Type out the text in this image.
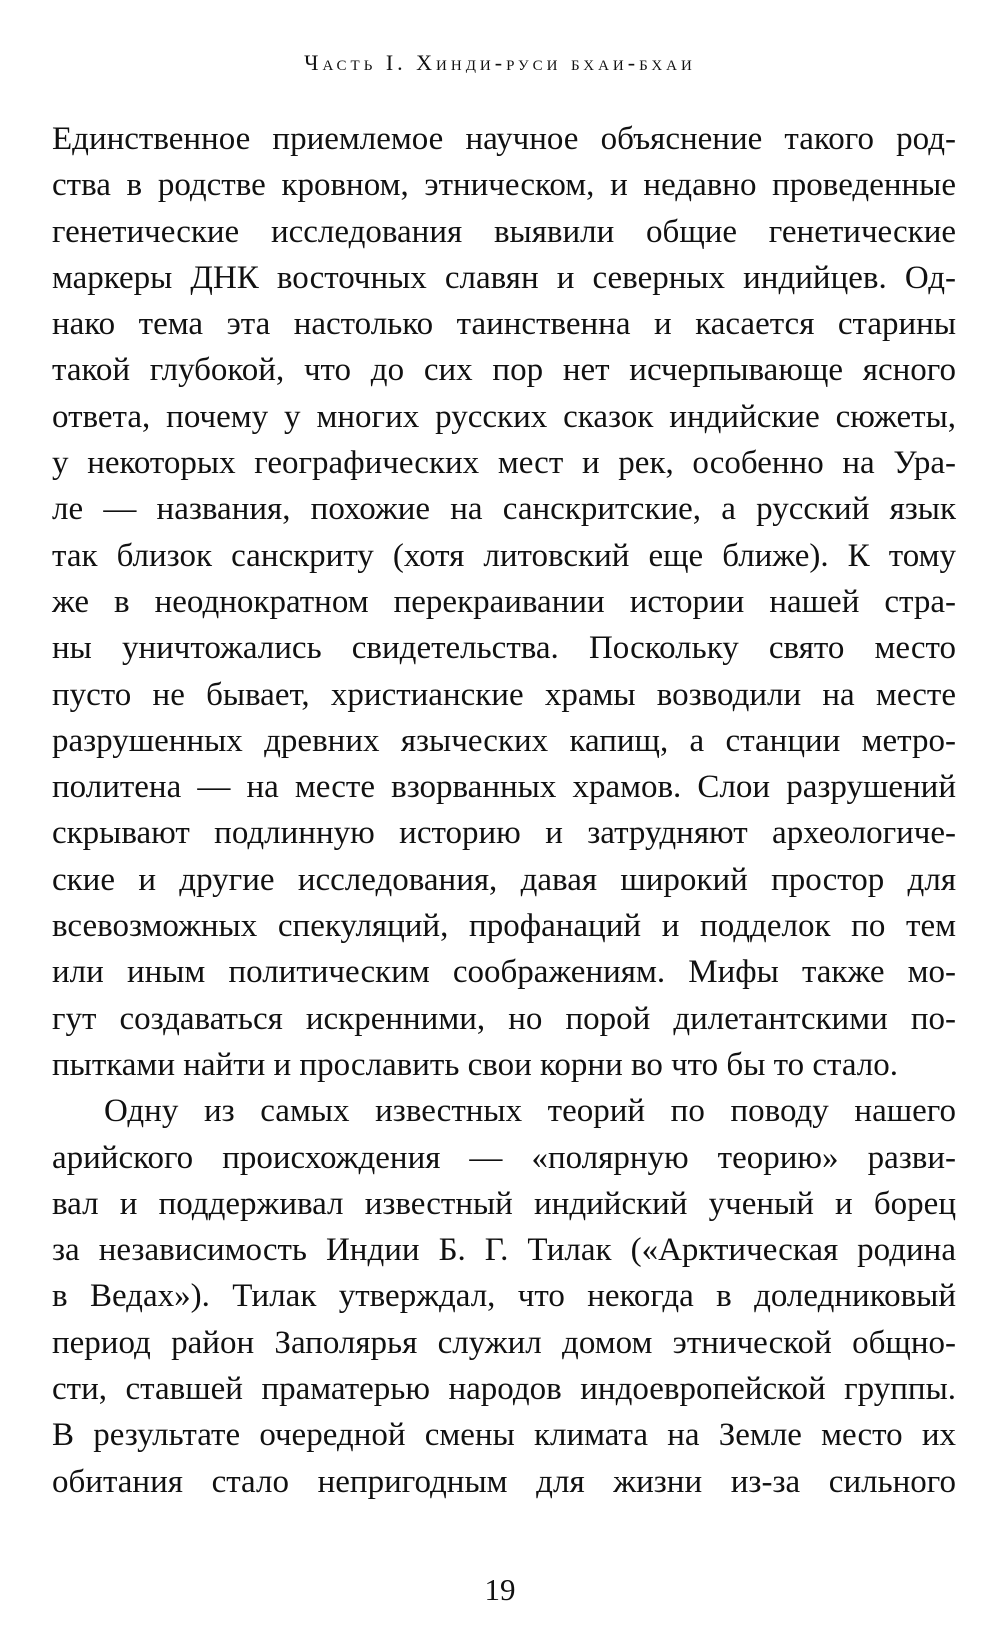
Часть I. Хинди-руси бхаи-бхаи
Единственное приемлемое научное объяснение такого род-
ства в родстве кровном, этническом, и недавно проведенные
генетические исследования выявили общие генетические
маркеры ДНК восточных славян и северных индийцев. Од-
нако тема эта настолько таинственна и касается старины
такой глубокой, что до сих пор нет исчерпывающе ясного
ответа, почему у многих русских сказок индийские сюжеты,
у некоторых географических мест и рек, особенно на Ура-
ле — названия, похожие на санскритские, а русский язык
так близок санскриту (хотя литовский еще ближе). К тому
же в неоднократном перекраивании истории нашей стра-
ны уничтожались свидетельства. Поскольку свято место
пусто не бывает, христианские храмы возводили на месте
разрушенных древних языческих капищ, а станции метро-
политена — на месте взорванных храмов. Слои разрушений
скрывают подлинную историю и затрудняют археологиче-
ские и другие исследования, давая широкий простор для
всевозможных спекуляций, профанаций и подделок по тем
или иным политическим соображениям. Мифы также мо-
гут создаваться искренними, но порой дилетантскими по-
пытками найти и прославить свои корни во что бы то стало.
Одну из самых известных теорий по поводу нашего
арийского происхождения — «полярную теорию» разви-
вал и поддерживал известный индийский ученый и борец
за независимость Индии Б. Г. Тилак («Арктическая родина
в Ведах»). Тилак утверждал, что некогда в доледниковый
период район Заполярья служил домом этнической общно-
сти, ставшей праматерью народов индоевропейской группы.
В результате очередной смены климата на Земле место их
обитания стало непригодным для жизни из-за сильного
19
